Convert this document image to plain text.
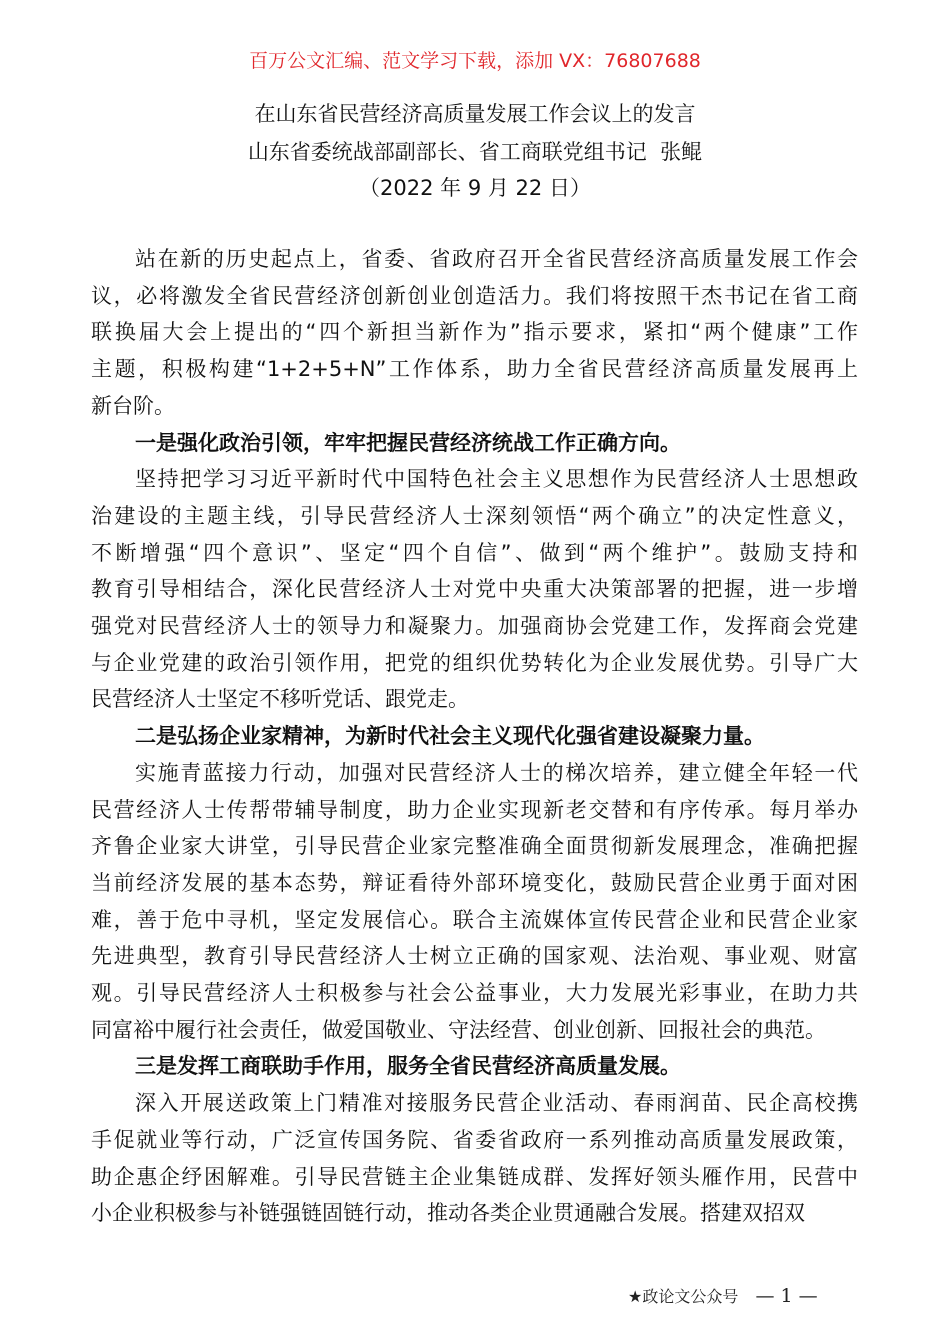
百万公文汇编、范文学习下载，添加 VX：76807688
在山东省民营经济高质量发展工作会议上的发言
山东省委统战部副部长、省工商联党组书记  张鲲
（2022 年 9 月 22 日）
站在新的历史起点上，省委、省政府召开全省民营经济高质量发展工作会
议，必将激发全省民营经济创新创业创造活力。我们将按照干杰书记在省工商
联换届大会上提出的“四个新担当新作为”指示要求，紧扣“两个健康”工作
主题，积极构建“1+2+5+N”工作体系，助力全省民营经济高质量发展再上
新台阶。
一是强化政治引领，牢牢把握民营经济统战工作正确方向。
坚持把学习习近平新时代中国特色社会主义思想作为民营经济人士思想政
治建设的主题主线，引导民营经济人士深刻领悟“两个确立”的决定性意义，
不断增强“四个意识”、坚定“四个自信”、做到“两个维护”。鼓励支持和
教育引导相结合，深化民营经济人士对党中央重大决策部署的把握，进一步增
强党对民营经济人士的领导力和凝聚力。加强商协会党建工作，发挥商会党建
与企业党建的政治引领作用，把党的组织优势转化为企业发展优势。引导广大
民营经济人士坚定不移听党话、跟党走。
二是弘扬企业家精神，为新时代社会主义现代化强省建设凝聚力量。
实施青蓝接力行动，加强对民营经济人士的梯次培养，建立健全年轻一代
民营经济人士传帮带辅导制度，助力企业实现新老交替和有序传承。每月举办
齐鲁企业家大讲堂，引导民营企业家完整准确全面贯彻新发展理念，准确把握
当前经济发展的基本态势，辩证看待外部环境变化，鼓励民营企业勇于面对困
难，善于危中寻机，坚定发展信心。联合主流媒体宣传民营企业和民营企业家
先进典型，教育引导民营经济人士树立正确的国家观、法治观、事业观、财富
观。引导民营经济人士积极参与社会公益事业，大力发展光彩事业，在助力共
同富裕中履行社会责任，做爱国敬业、守法经营、创业创新、回报社会的典范。
三是发挥工商联助手作用，服务全省民营经济高质量发展。
深入开展送政策上门精准对接服务民营企业活动、春雨润苗、民企高校携
手促就业等行动，广泛宣传国务院、省委省政府一系列推动高质量发展政策，
助企惠企纾困解难。引导民营链主企业集链成群、发挥好领头雁作用，民营中
小企业积极参与补链强链固链行动，推动各类企业贯通融合发展。搭建双招双
★政论文公众号 — 1 —
